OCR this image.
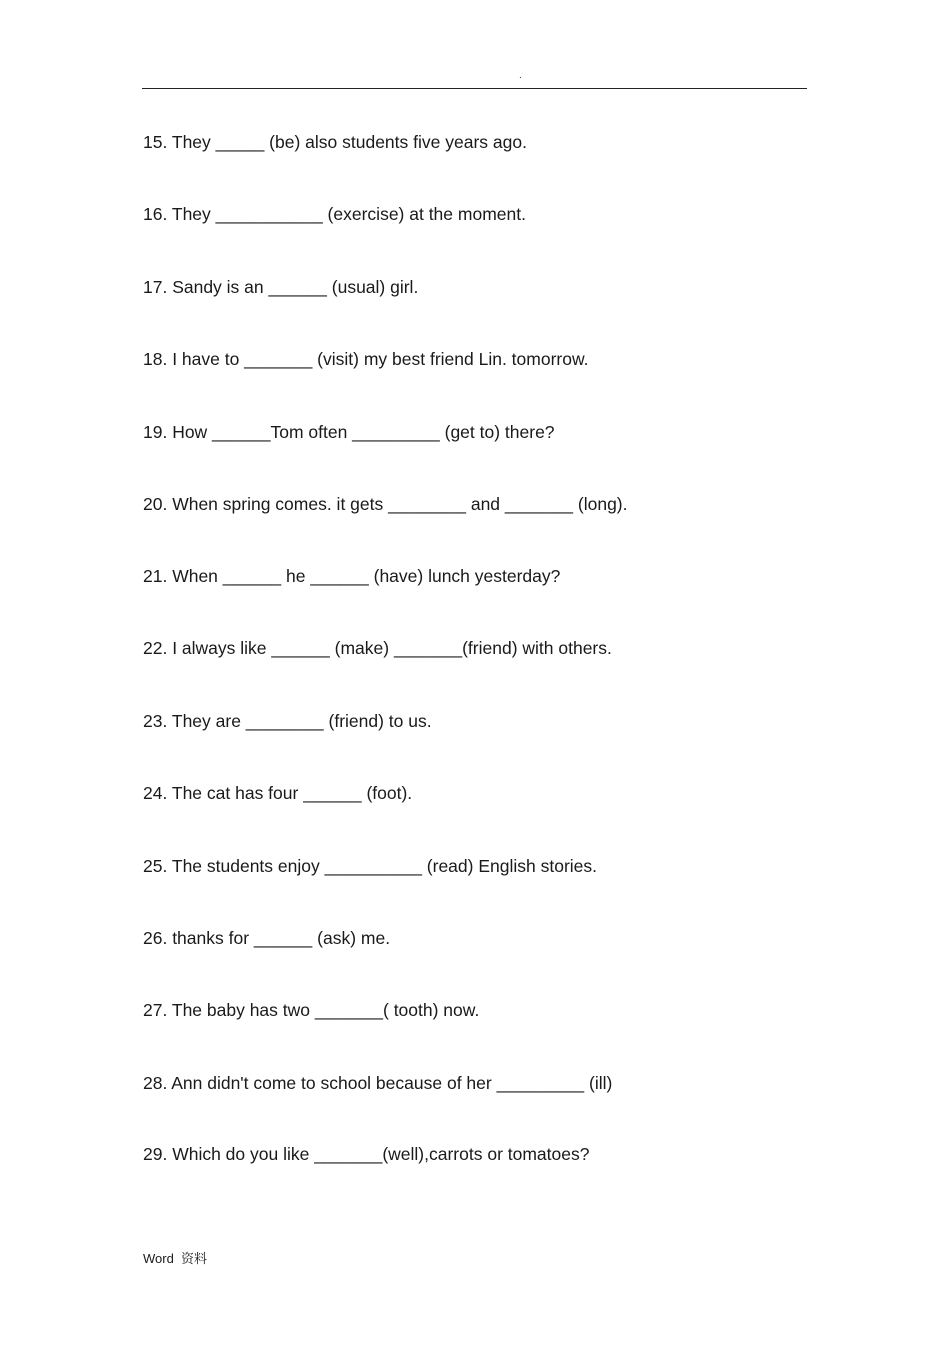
.
15. They _____ (be) also students five years ago.
16. They ___________ (exercise) at the moment.
17. Sandy is an ______ (usual) girl.
18. I have to _______ (visit) my best friend Lin. tomorrow.
19. How ______Tom often _________ (get to) there?
20. When spring comes. it gets ________ and _______ (long).
21. When ______ he ______ (have) lunch yesterday?
22. I always like ______ (make) _______(friend) with others.
23. They are ________ (friend) to us.
24. The cat has four ______ (foot).
25. The students enjoy __________ (read) English stories.
26. thanks for ______ (ask) me.
27. The baby has two _______( tooth) now.
28. Ann didn't come to school because of her _________ (ill)
29. Which do you like _______(well),carrots or tomatoes?
Word  资料
